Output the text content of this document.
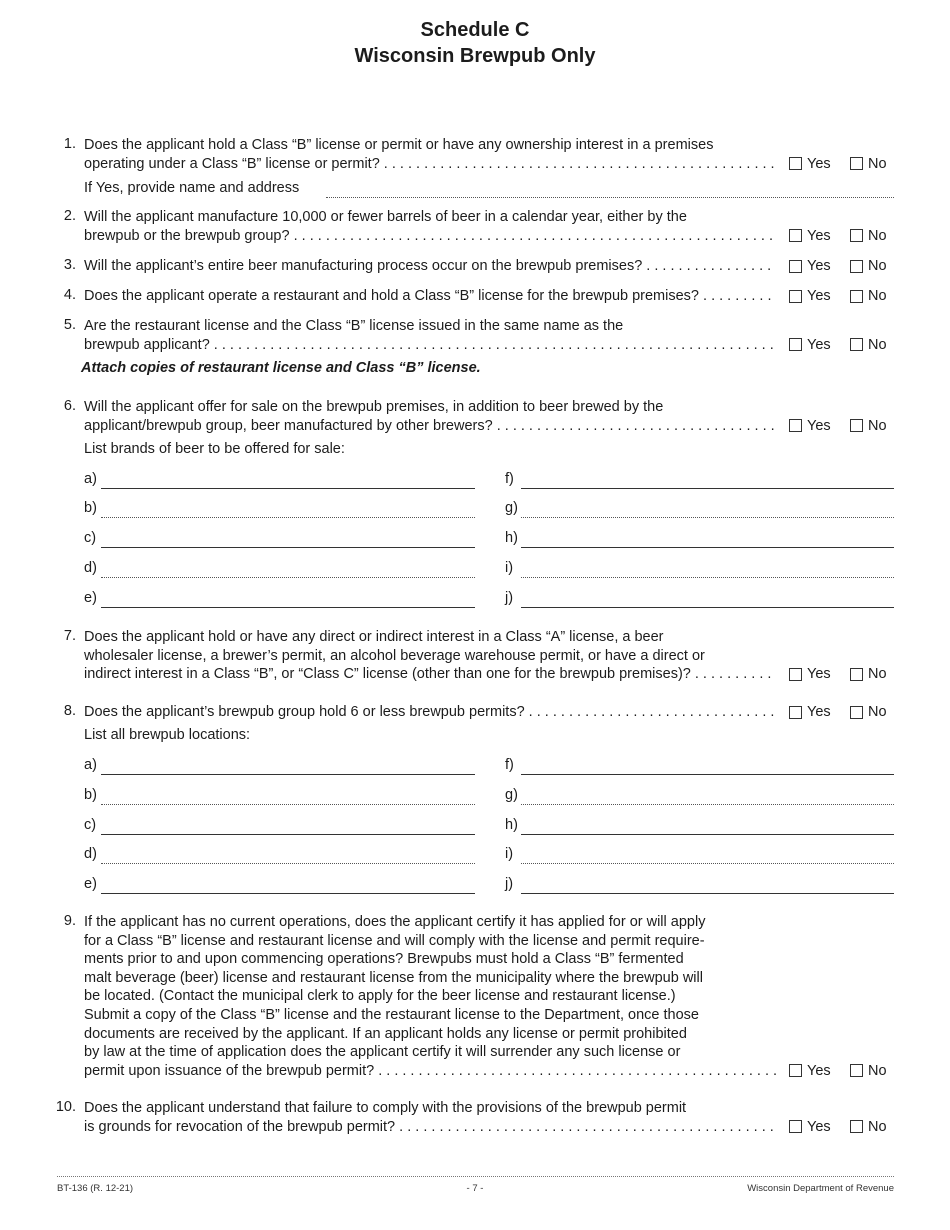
Schedule C
Wisconsin Brewpub Only
1. Does the applicant hold a Class “B” license or permit or have any ownership interest in a premises
operating under a Class “B” license or permit? . . .	Yes	No
If Yes, provide name and address
2. Will the applicant manufacture 10,000 or fewer barrels of beer in a calendar year, either by the
brewpub or the brewpub group? . . .	Yes	No
3. Will the applicant’s entire beer manufacturing process occur on the brewpub premises? . . .	Yes	No
4. Does the applicant operate a restaurant and hold a Class “B” license for the brewpub premises? . . .	Yes	No
5. Are the restaurant license and the Class “B” license issued in the same name as the
brewpub applicant? . . .	Yes	No
Attach copies of restaurant license and Class “B” license.
6. Will the applicant offer for sale on the brewpub premises, in addition to beer brewed by the
applicant/brewpub group, beer manufactured by other brewers? . . .	Yes	No
List brands of beer to be offered for sale:
a)	f)
b)	g)
c)	h)
d)	i)
e)	j)
7. Does the applicant hold or have any direct or indirect interest in a Class “A” license, a beer
wholesaler license, a brewer’s permit, an alcohol beverage warehouse permit, or have a direct or
indirect interest in a Class “B”, or “Class C” license (other than one for the brewpub premises)? . . .	Yes	No
8. Does the applicant’s brewpub group hold 6 or less brewpub permits? . . .	Yes	No
List all brewpub locations:
a)	f)
b)	g)
c)	h)
d)	i)
e)	j)
9. If the applicant has no current operations, does the applicant certify it has applied for or will apply
for a Class “B” license and restaurant license and will comply with the license and permit require-
ments prior to and upon commencing operations? Brewpubs must hold a Class “B” fermented
malt beverage (beer) license and restaurant license from the municipality where the brewpub will
be located. (Contact the municipal clerk to apply for the beer license and restaurant license.)
Submit a copy of the Class “B” license and the restaurant license to the Department, once those
documents are received by the applicant. If an applicant holds any license or permit prohibited
by law at the time of application does the applicant certify it will surrender any such license or
permit upon issuance of the brewpub permit? . . .	Yes	No
10. Does the applicant understand that failure to comply with the provisions of the brewpub permit
is grounds for revocation of the brewpub permit? . . .	Yes	No
BT-136 (R. 12-21)	- 7 -	Wisconsin Department of Revenue
